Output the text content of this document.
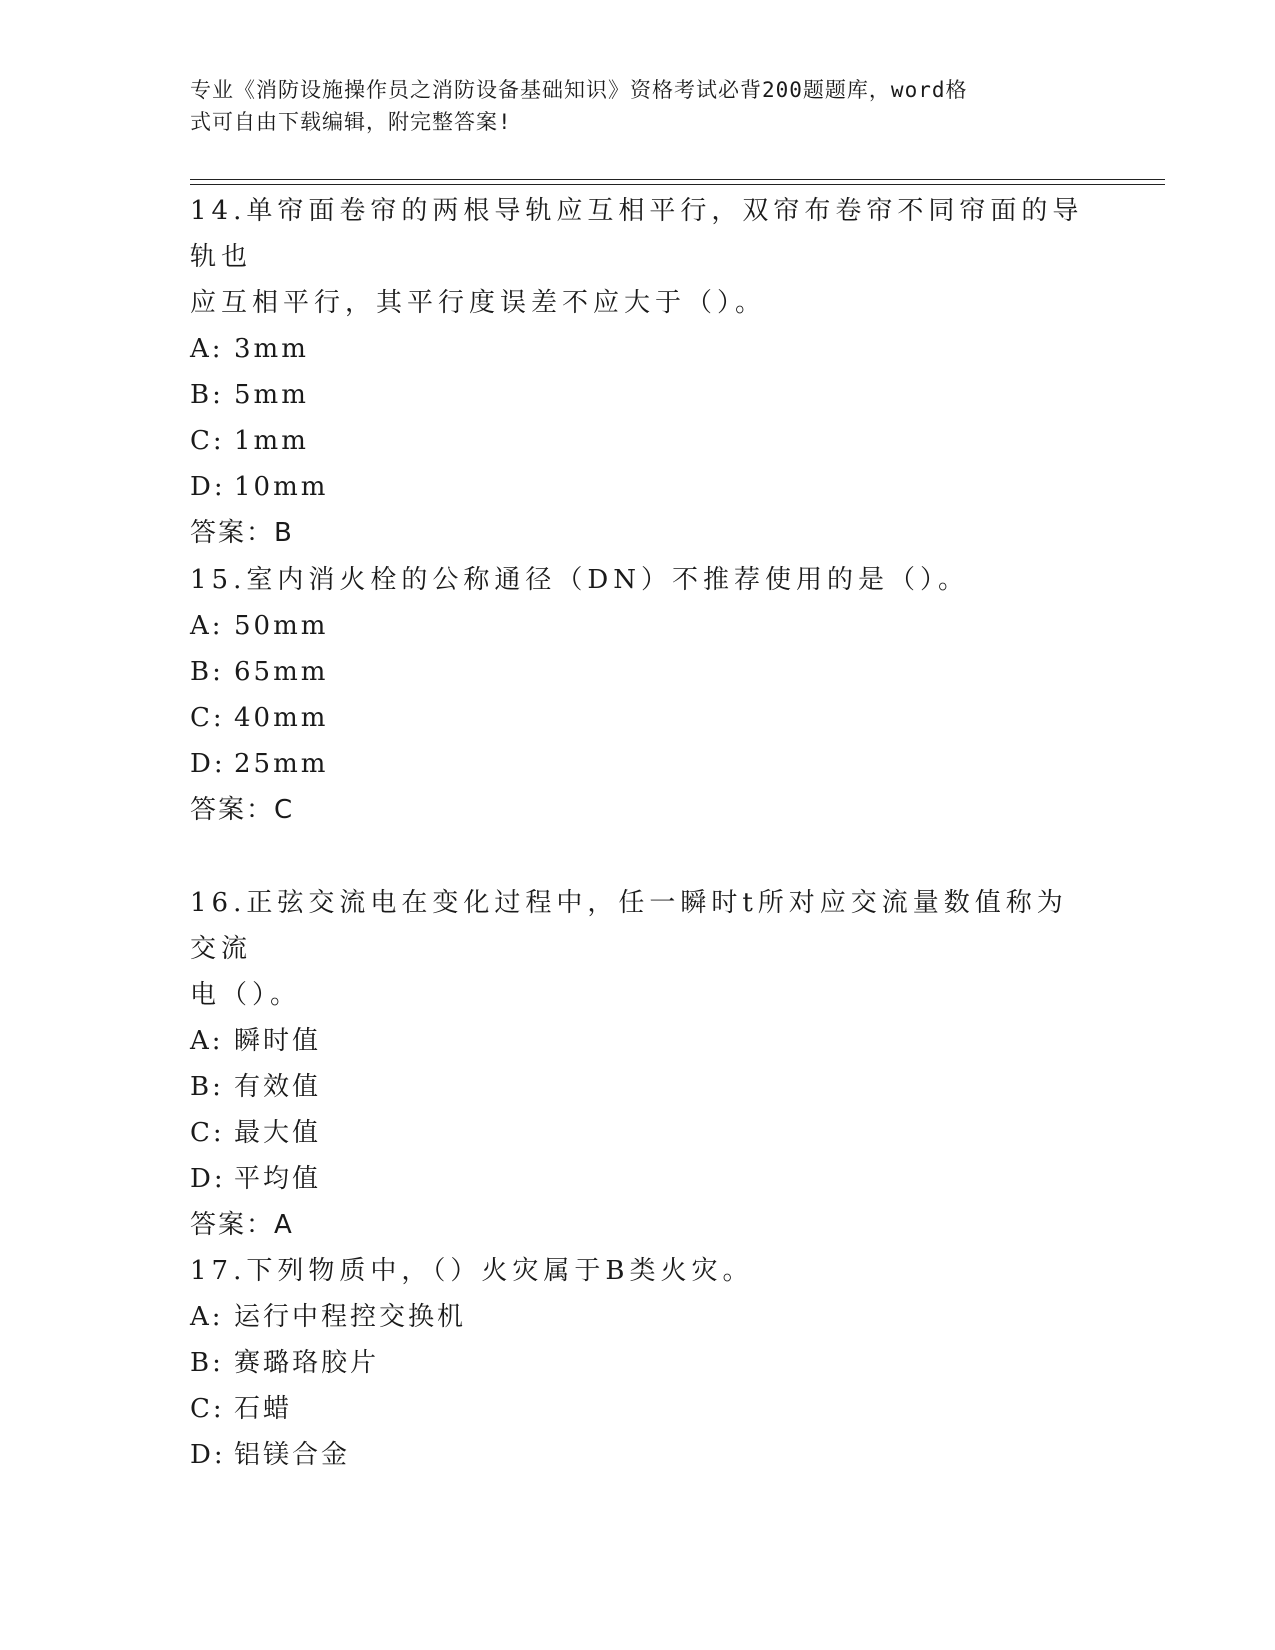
专业《消防设施操作员之消防设备基础知识》资格考试必背200题题库，word格
式可自由下载编辑，附完整答案!

14.单帘面卷帘的两根导轨应互相平行，双帘布卷帘不同帘面的导轨也

应互相平行，其平行度误差不应大于（）。

A: 3mm

B: 5mm

C: 1mm

D: 10mm

答案：B

15.室内消火栓的公称通径（DN）不推荐使用的是（）。

A: 50mm

B: 65mm

C: 40mm

D: 25mm

答案：C

16.正弦交流电在变化过程中，任一瞬时t所对应交流量数值称为交流

电（）。

A: 瞬时值

B: 有效值

C: 最大值

D: 平均值

答案：A

17.下列物质中，（）火灾属于B类火灾。

A: 运行中程控交换机

B: 赛璐珞胶片

C: 石蜡

D: 铝镁合金
